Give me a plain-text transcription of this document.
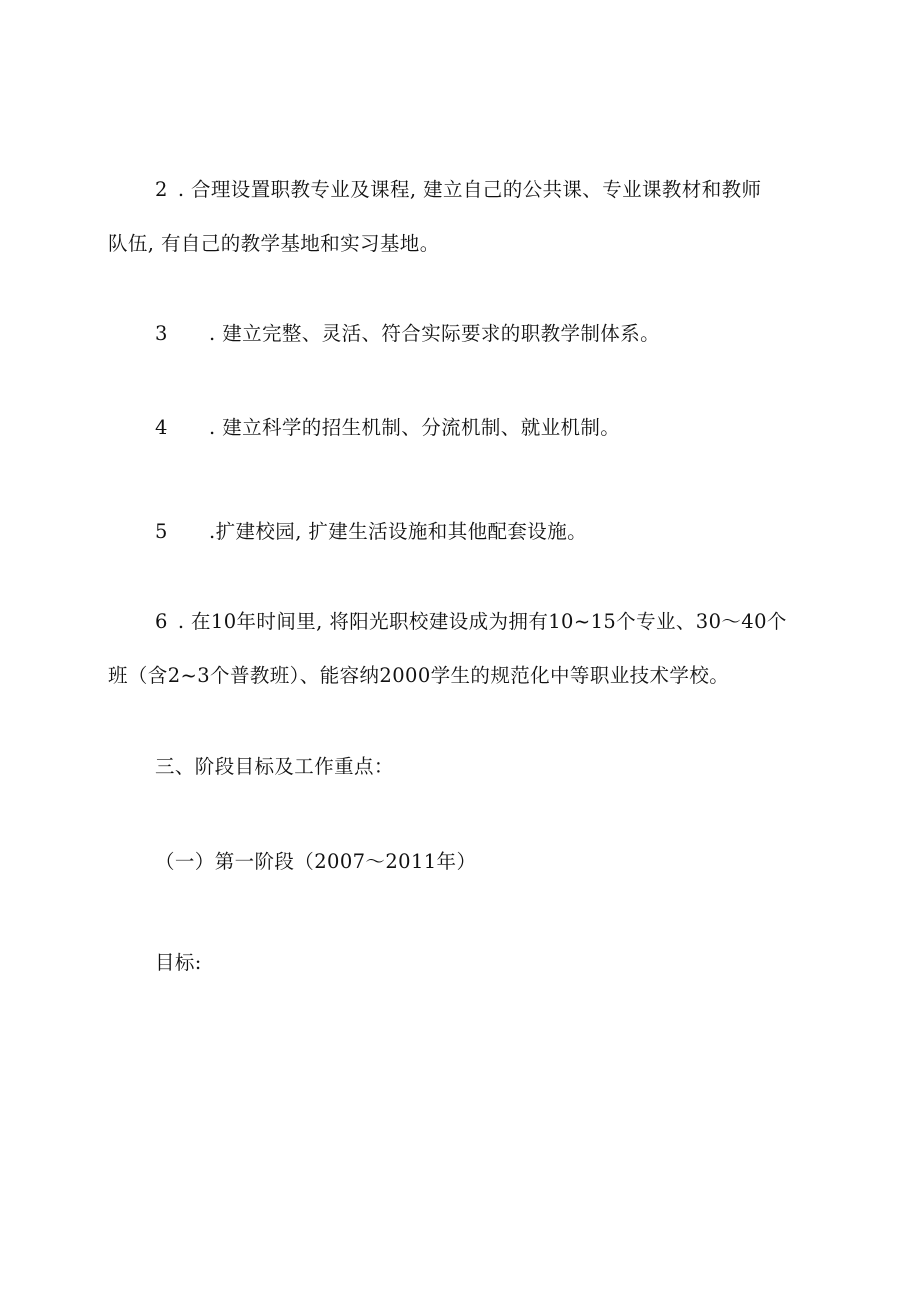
2 . 合理设置职教专业及课程, 建立自己的公共课、专业课教材和教师
队伍, 有自己的教学基地和实习基地。
3 . 建立完整、灵活、符合实际要求的职教学制体系。
4 . 建立科学的招生机制、分流机制、就业机制。
5 .扩建校园, 扩建生活设施和其他配套设施。
6 . 在10年时间里, 将阳光职校建设成为拥有10~15个专业、30～40个
班（含2~3个普教班）、能容纳2000学生的规范化中等职业技术学校。
三、阶段目标及工作重点：
（一）第一阶段（2007～2011年）
目标:
